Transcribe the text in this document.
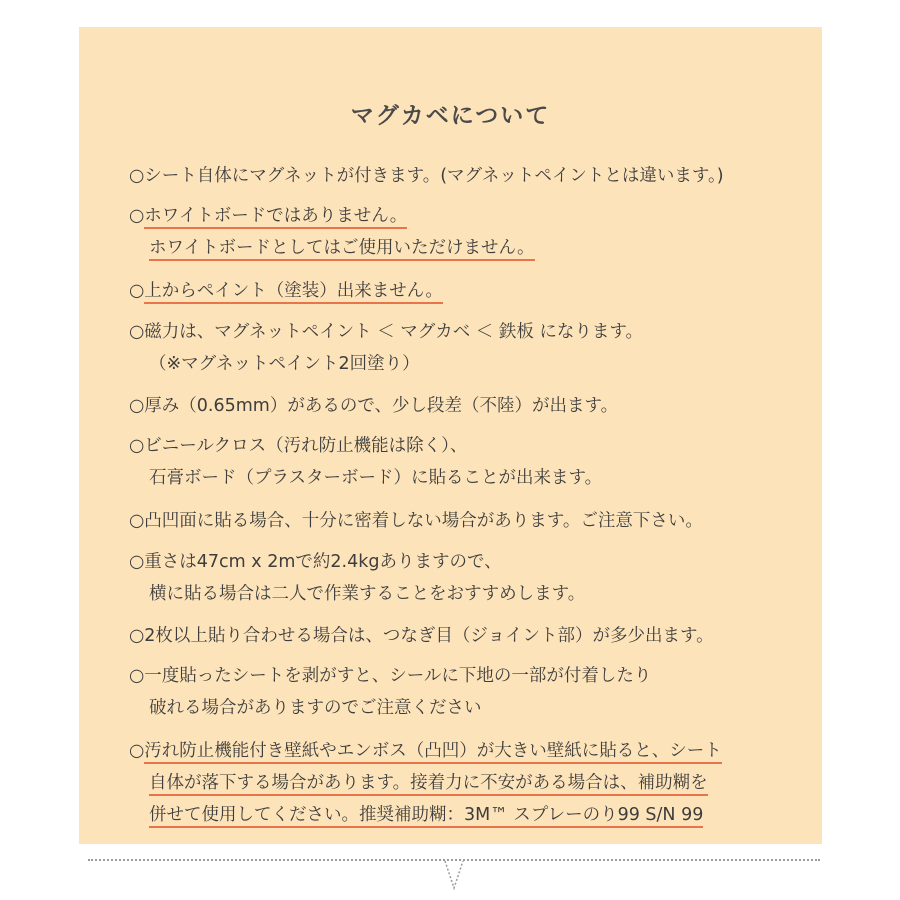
マグカベについて
○シート自体にマグネットが付きます。(マグネットペイントとは違います。)
○ホワイトボードではありません。
ホワイトボードとしてはご使用いただけません。
○上からペイント（塗装）出来ません。
○磁力は、マグネットペイント ＜ マグカベ ＜ 鉄板 になります。
（※マグネットペイント2回塗り）
○厚み（0.65mm）があるので、少し段差（不陸）が出ます。
○ビニールクロス（汚れ防止機能は除く）、
石膏ボード（プラスターボード）に貼ることが出来ます。
○凸凹面に貼る場合、十分に密着しない場合があります。ご注意下さい。
○重さは47cm x 2mで約2.4kgありますので、
横に貼る場合は二人で作業することをおすすめします。
○2枚以上貼り合わせる場合は、つなぎ目（ジョイント部）が多少出ます。
○一度貼ったシートを剥がすと、シールに下地の一部が付着したり
破れる場合がありますのでご注意ください
○汚れ防止機能付き壁紙やエンボス（凸凹）が大きい壁紙に貼ると、シート
自体が落下する場合があります。接着力に不安がある場合は、補助糊を
併せて使用してください。推奨補助糊：3M™ スプレーのり99 S/N 99
